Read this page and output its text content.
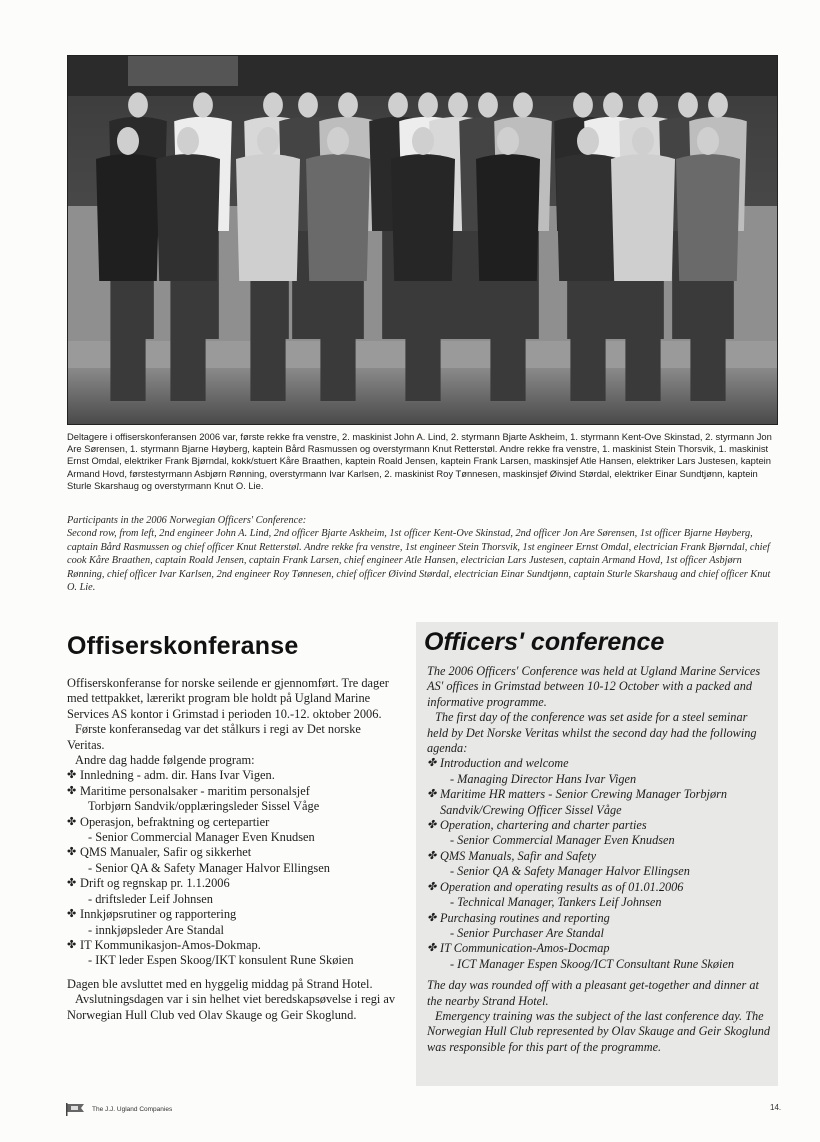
Deltagere i offiserskonferansen 2006 var, første rekke fra venstre, 2. maskinist John A. Lind, 2. styrmann Bjarte Askheim, 1. styrmann Kent-Ove Skinstad, 2. styrmann Jon Are Sørensen, 1. styrmann Bjarne Høyberg, kaptein Bård Rasmussen og overstyrmann Knut Retterstøl. Andre rekke fra venstre, 1. maskinist Stein Thorsvik, 1. maskinist Ernst Omdal, elektriker Frank Bjørndal, kokk/stuert Kåre Braathen, kaptein Roald Jensen, kaptein Frank Larsen, maskinsjef Atle Hansen, elektriker Lars Justesen, kaptein Armand Hovd, førstestyrmann Asbjørn Rønning, overstyrmann Ivar Karlsen, 2. maskinist Roy Tønnesen, maskinsjef Øivind Størdal, elektriker Einar Sundtjønn, kaptein Sturle Skarshaug og overstyrmann Knut O. Lie.

Participants in the 2006 Norwegian Officers' Conference:
Second row, from left, 2nd engineer John A. Lind, 2nd officer Bjarte Askheim, 1st officer Kent-Ove Skinstad, 2nd officer Jon Are Sørensen, 1st officer Bjarne Høyberg, captain Bård Rasmussen og chief officer Knut Retterstøl. Andre rekke fra venstre, 1st engineer Stein Thorsvik, 1st engineer Ernst Omdal, electrician Frank Bjørndal, chief cook Kåre Braathen, captain Roald Jensen, captain Frank Larsen, chief engineer Atle Hansen, electrician Lars Justesen, captain Armand Hovd, 1st officer Asbjørn Rønning, chief officer Ivar Karlsen, 2nd engineer Roy Tønnesen, chief officer Øivind Størdal, electrician Einar Sundtjønn, captain Sturle Skarshaug and chief officer Knut O. Lie.

Offiserskonferanse

Offiserskonferanse for norske seilende er gjennomført. Tre dager med tettpakket, lærerikt program ble holdt på Ugland Marine Services AS kontor i Grimstad i perioden 10.-12. oktober 2006.

Første konferansedag var det stålkurs i regi av Det norske Veritas.

Andre dag hadde følgende program:

✤ Innledning - adm. dir. Hans Ivar Vigen.
✤ Maritime personalsaker - maritim personalsjef
Torbjørn Sandvik/opplæringsleder Sissel Våge
✤ Operasjon, befraktning og certepartier
- Senior Commercial Manager Even Knudsen
✤ QMS Manualer, Safir og sikkerhet
- Senior QA & Safety Manager Halvor Ellingsen
✤ Drift og regnskap pr. 1.1.2006
- driftsleder Leif Johnsen
✤ Innkjøpsrutiner og rapportering
- innkjøpsleder Are Standal
✤ IT Kommunikasjon-Amos-Dokmap.
- IKT leder Espen Skoog/IKT konsulent Rune Skøien

Dagen ble avsluttet med en hyggelig middag på Strand Hotel.

Avslutningsdagen var i sin helhet viet beredskapsøvelse i regi av Norwegian Hull Club ved Olav Skauge og Geir Skoglund.

Officers' conference

The 2006 Officers' Conference was held at Ugland Marine Services AS' offices in Grimstad between 10-12 October with a packed and informative programme.

The first day of the conference was set aside for a steel seminar held by Det Norske Veritas whilst the second day had the following agenda:

✤ Introduction and welcome
- Managing Director Hans Ivar Vigen
✤ Maritime HR matters - Senior Crewing Manager Torbjørn Sandvik/Crewing Officer Sissel Våge
✤ Operation, chartering and charter parties
- Senior Commercial Manager Even Knudsen
✤ QMS Manuals, Safir and Safety
- Senior QA & Safety Manager Halvor Ellingsen
✤ Operation and operating results as of 01.01.2006
- Technical Manager, Tankers Leif Johnsen
✤ Purchasing routines and reporting
- Senior Purchaser Are Standal
✤ IT Communication-Amos-Docmap
- ICT Manager Espen Skoog/ICT Consultant Rune Skøien

The day was rounded off with a pleasant get-together and dinner at the nearby Strand Hotel.

Emergency training was the subject of the last conference day. The Norwegian Hull Club represented by Olav Skauge and Geir Skoglund was responsible for this part of the programme.

The J.J. Ugland Companies	14.
